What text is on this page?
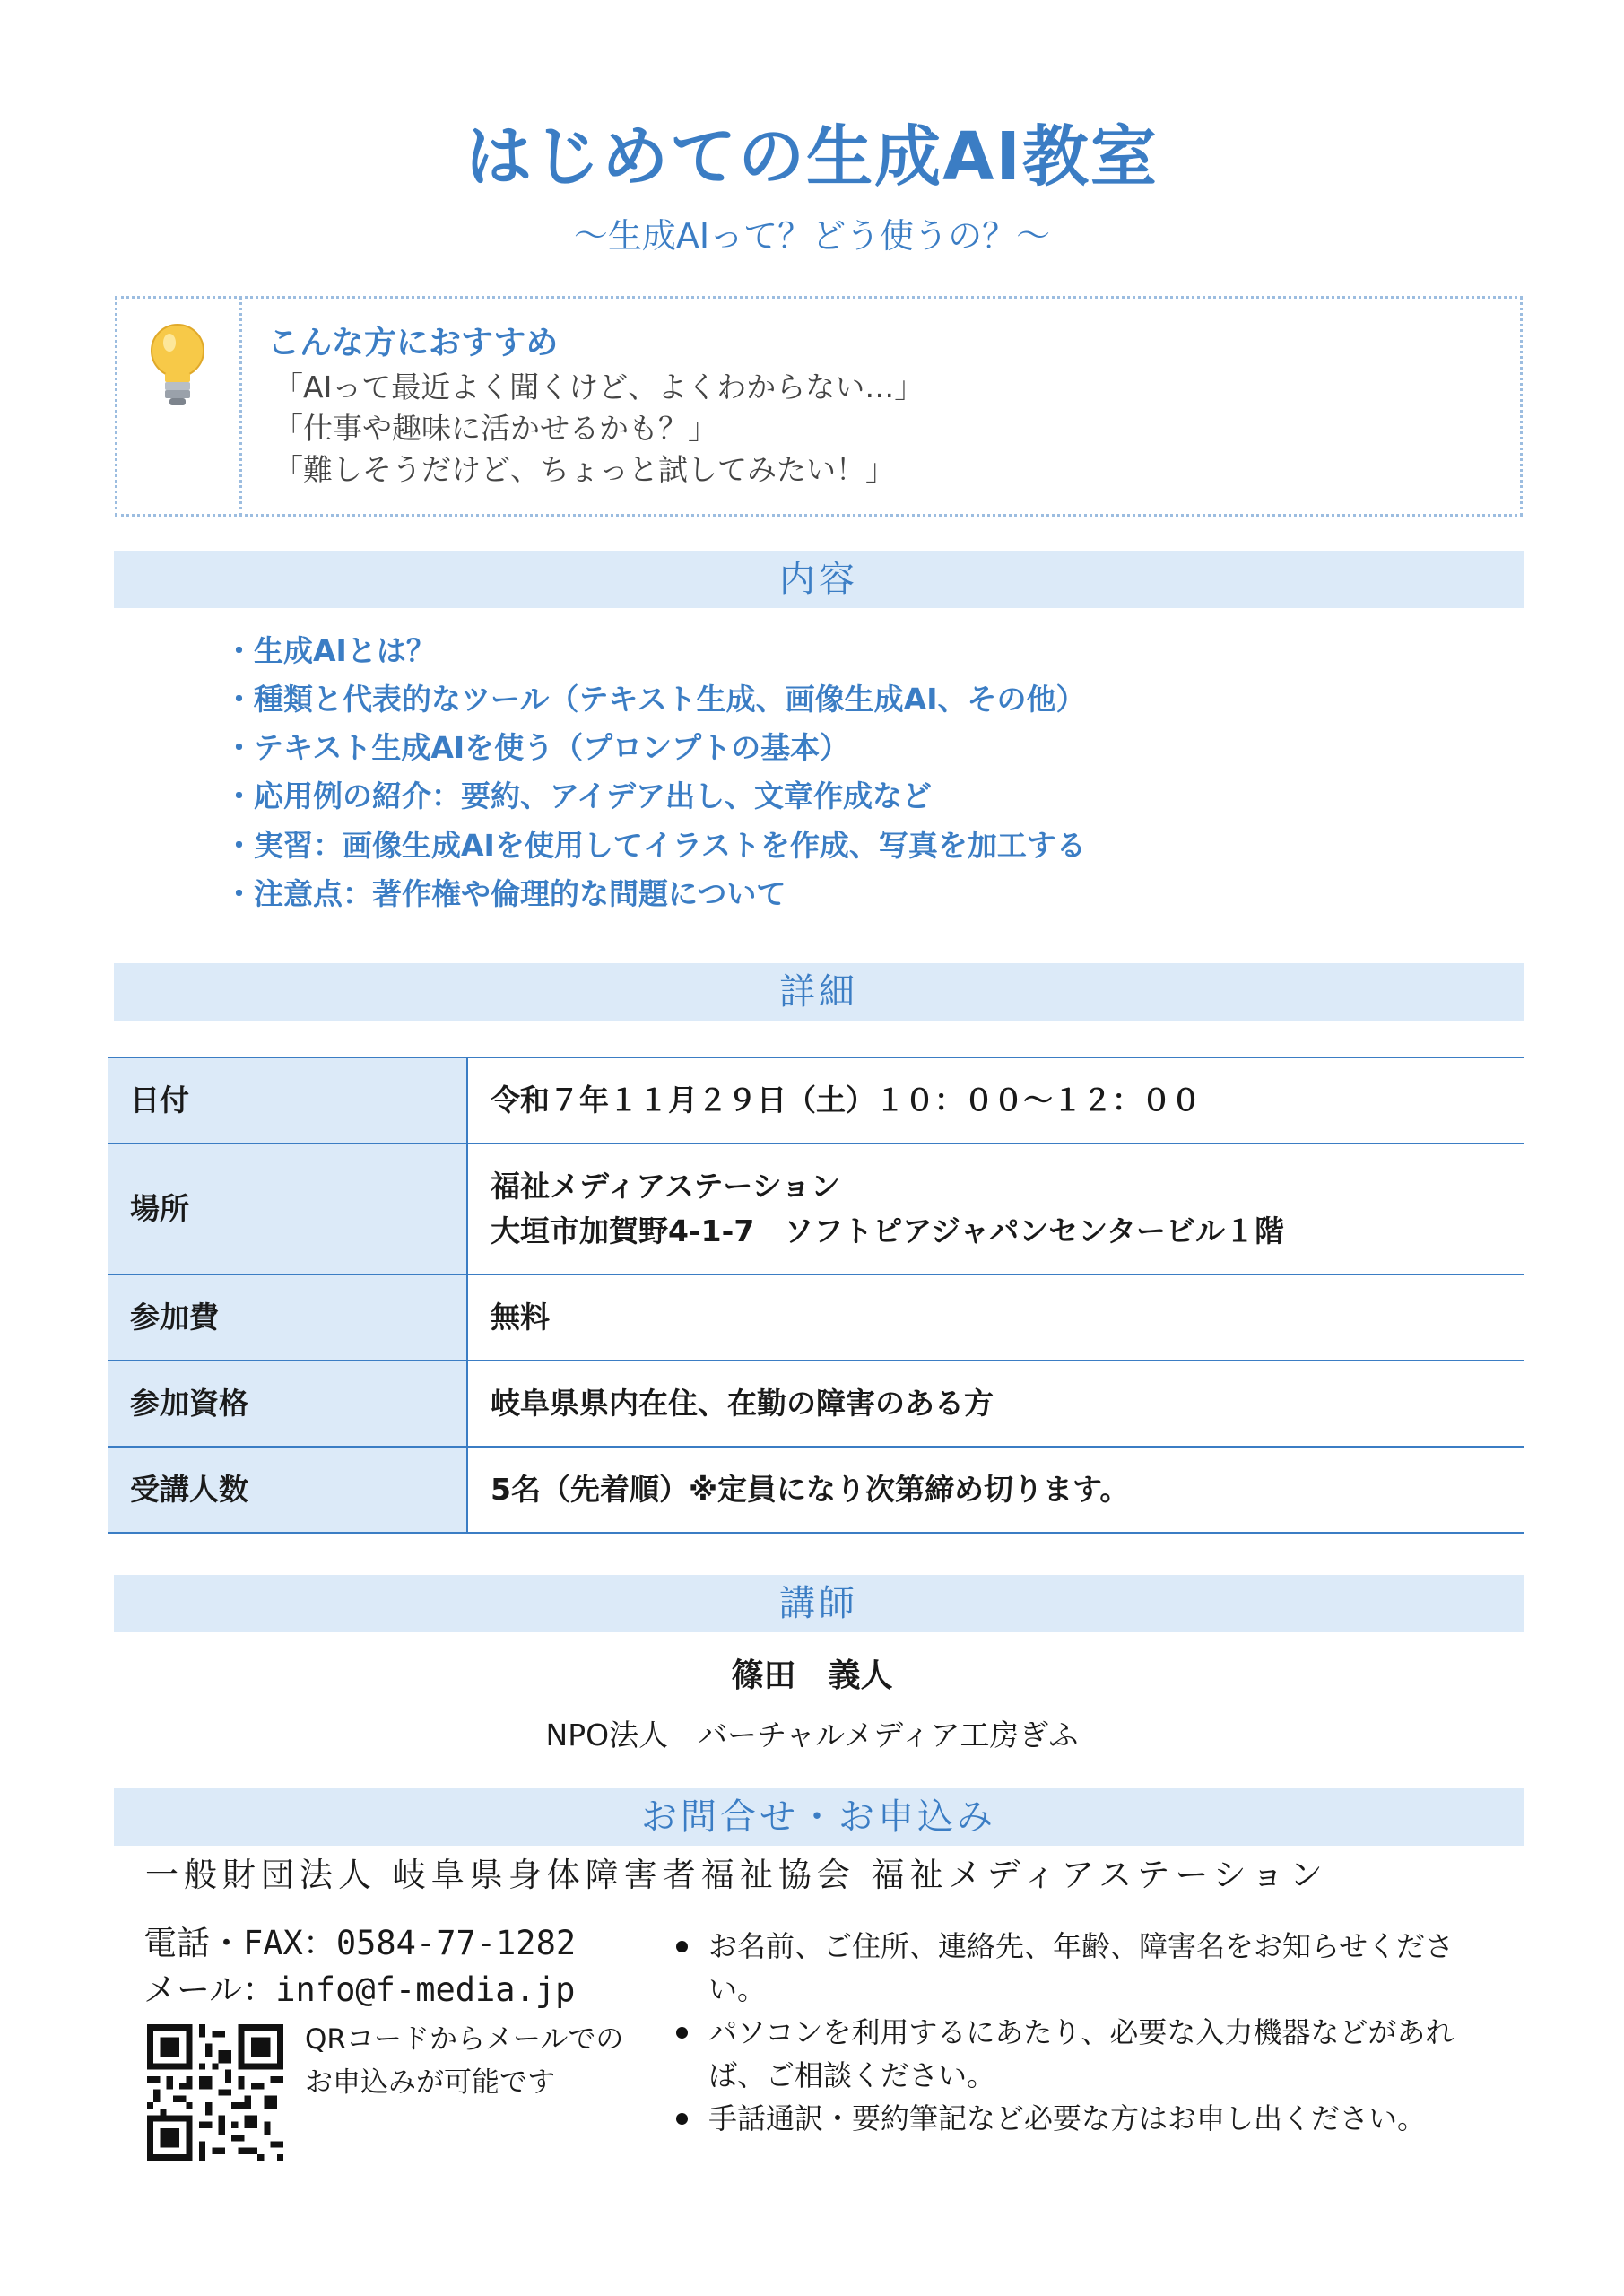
はじめての生成AI教室
〜生成AIって？どう使うの？〜
こんな方におすすめ
「AIって最近よく聞くけど、よくわからない…」
「仕事や趣味に活かせるかも？」
「難しそうだけど、ちょっと試してみたい！」
内容
・生成AIとは？
・種類と代表的なツール（テキスト生成、画像生成AI、その他）
・テキスト生成AIを使う（プロンプトの基本）
・応用例の紹介：要約、アイデア出し、文章作成など
・実習：画像生成AIを使用してイラストを作成、写真を加工する
・注意点：著作権や倫理的な問題について
詳細
日付	令和７年１１月２９日（土）１０：００〜１２：００
場所	福祉メディアステーション
大垣市加賀野4-1-7　ソフトピアジャパンセンタービル１階

参加費	無料
参加資格	岐阜県県内在住、在勤の障害のある方
受講人数	5名（先着順）※定員になり次第締め切ります。
講師
篠田　義人
NPO法人　バーチャルメディア工房ぎふ
お問合せ・お申込み
一般財団法人 岐阜県身体障害者福祉協会 福祉メディアステーション
電話・FAX：0584-77-1282
メール：info@f-media.jp
QRコードからメールでの
お申込みが可能です
お名前、ご住所、連絡先、年齢、障害名をお知らせください。
パソコンを利用するにあたり、必要な入力機器などがあれば、ご相談ください。
手話通訳・要約筆記など必要な方はお申し出ください。
